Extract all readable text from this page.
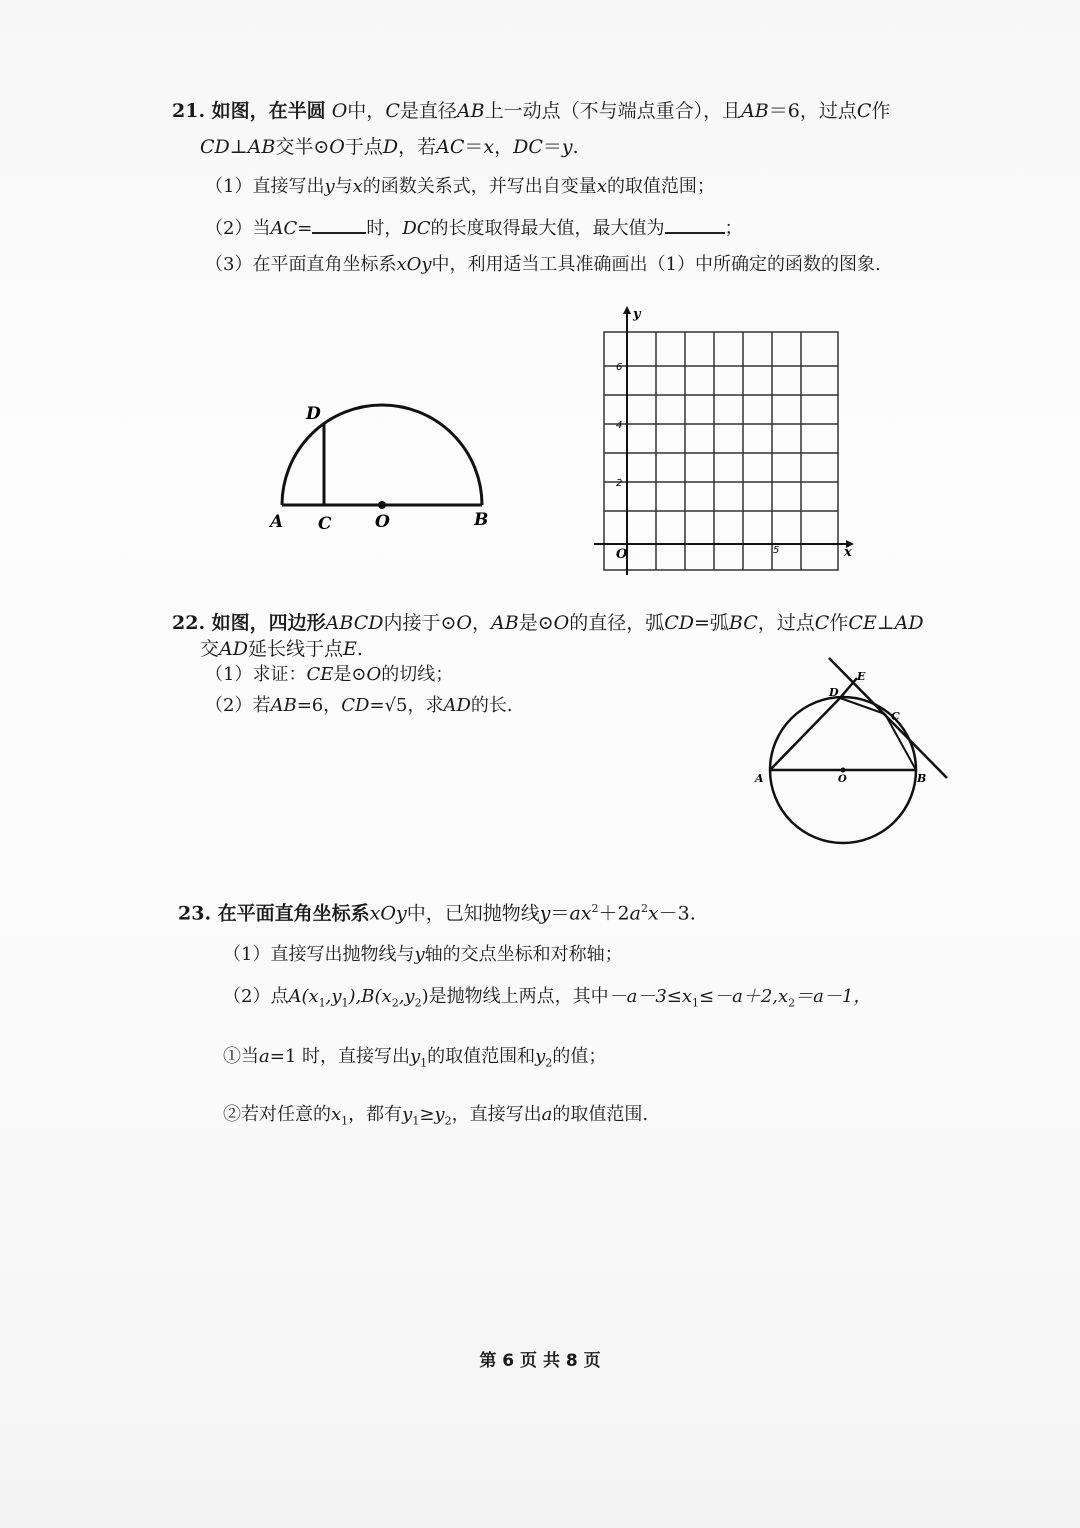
21. 如图，在半圆 O中，C是直径AB上一动点（不与端点重合），且AB＝6，过点C作
CD⊥AB交半⊙O于点D，若AC＝x，DC＝y.
（1）直接写出y与x的函数关系式，并写出自变量x的取值范围；
（2）当AC=	时，DC的长度取得最大值，最大值为	；
（3）在平面直角坐标系xOy中，利用适当工具准确画出（1）中所确定的函数的图象.
D
A C	O	B
y
x
O
6
4
2
5
22. 如图，四边形ABCD内接于⊙O，AB是⊙O的直径，弧CD=弧BC，过点C作CE⊥AD
交AD延长线于点E.
（1）求证：CE是⊙O的切线；
（2）若AB=6，CD=√5，求AD的长.
E
D
C
A	O	B
23. 在平面直角坐标系xOy中，已知抛物线$y=ax^2+2a^2x-3$.
（1）直接写出抛物线与y轴的交点坐标和对称轴；
（2）点$A(x_1,y_1),B(x_2,y_2)$是抛物线上两点，其中$-a-3\le x_1\le-a+2,x_2=a-1$，
①当a=1 时，直接写出$y_1$的取值范围和$y_2$的值；
②若对任意的$x_1$，都有$y_1\ge y_2$，直接写出a的取值范围.
第 6 页 共 8 页
